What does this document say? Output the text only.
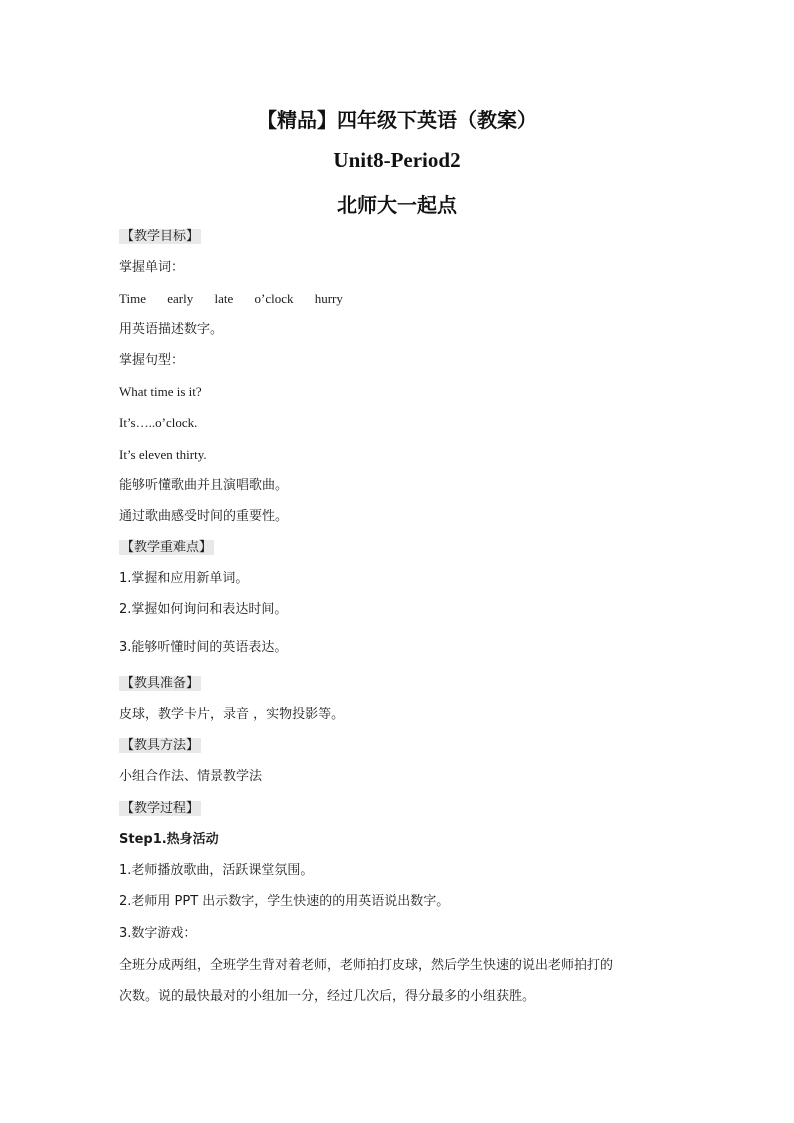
【精品】四年级下英语（教案）
Unit8-Period2
北师大一起点
【教学目标】
掌握单词：
Time early late o’clock hurry
用英语描述数字。
掌握句型：
What time is it?
It’s…..o’clock.
It’s eleven thirty.
能够听懂歌曲并且演唱歌曲。
通过歌曲感受时间的重要性。
【教学重难点】
1.掌握和应用新单词。
2.掌握如何询问和表达时间。
3.能够听懂时间的英语表达。
【教具准备】
皮球，教学卡片，录音 ，实物投影等。
【教具方法】
小组合作法、情景教学法
【教学过程】
Step1.热身活动
1.老师播放歌曲，活跃课堂氛围。
2.老师用 PPT 出示数字，学生快速的的用英语说出数字。
3.数字游戏：
全班分成两组，全班学生背对着老师，老师拍打皮球，然后学生快速的说出老师拍打的
次数。说的最快最对的小组加一分，经过几次后，得分最多的小组获胜。
